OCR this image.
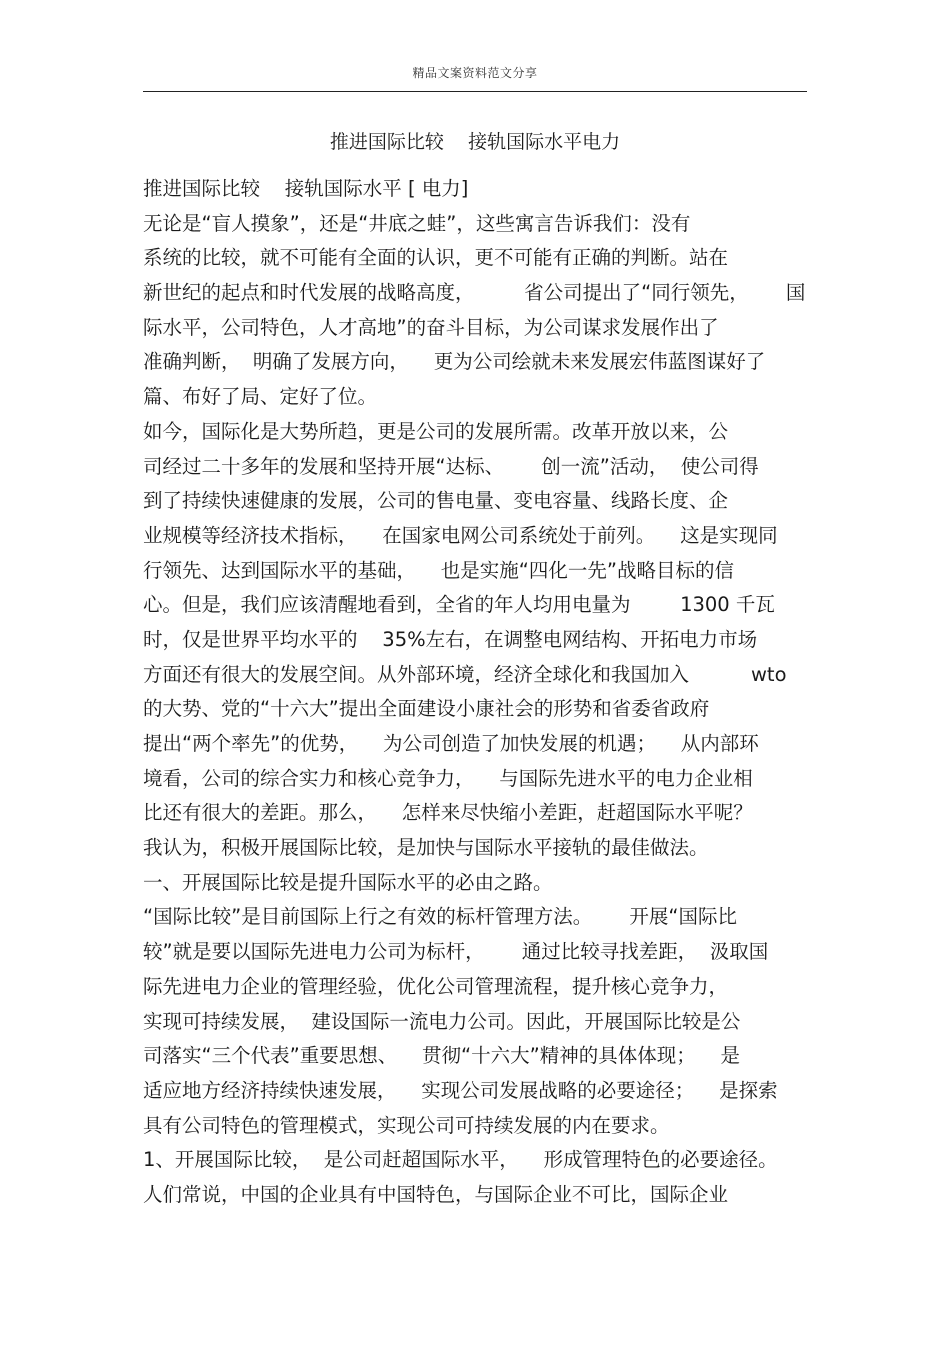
精品文案资料范文分享
推进国际比较    接轨国际水平电力
推进国际比较    接轨国际水平 [ 电力]
无论是“盲人摸象”，还是“井底之蛙”，这些寓言告诉我们：没有
系统的比较，就不可能有全面的认识，更不可能有正确的判断。站在
新世纪的起点和时代发展的战略高度，        省公司提出了“同行领先，      国
际水平，公司特色，人才高地”的奋斗目标，为公司谋求发展作出了
准确判断，  明确了发展方向，    更为公司绘就未来发展宏伟蓝图谋好了
篇、布好了局、定好了位。
如今，国际化是大势所趋，更是公司的发展所需。改革开放以来，公
司经过二十多年的发展和坚持开展“达标、      创一流”活动，  使公司得
到了持续快速健康的发展，公司的售电量、变电容量、线路长度、企
业规模等经济技术指标，    在国家电网公司系统处于前列。    这是实现同
行领先、达到国际水平的基础，    也是实施“四化一先”战略目标的信
心。但是，我们应该清醒地看到，全省的年人均用电量为        1300 千瓦
时，仅是世界平均水平的    35%左右，在调整电网结构、开拓电力市场
方面还有很大的发展空间。从外部环境，经济全球化和我国加入          wto
的大势、党的“十六大”提出全面建设小康社会的形势和省委省政府
提出“两个率先”的优势，    为公司创造了加快发展的机遇；    从内部环
境看，公司的综合实力和核心竞争力，    与国际先进水平的电力企业相
比还有很大的差距。那么，    怎样来尽快缩小差距，赶超国际水平呢？
我认为，积极开展国际比较，是加快与国际水平接轨的最佳做法。
一、开展国际比较是提升国际水平的必由之路。
“国际比较”是目前国际上行之有效的标杆管理方法。      开展“国际比
较”就是要以国际先进电力公司为标杆，      通过比较寻找差距，  汲取国
际先进电力企业的管理经验，优化公司管理流程，提升核心竞争力，
实现可持续发展，  建设国际一流电力公司。因此，开展国际比较是公
司落实“三个代表”重要思想、    贯彻“十六大”精神的具体体现；    是
适应地方经济持续快速发展，    实现公司发展战略的必要途径；    是探索
具有公司特色的管理模式，实现公司可持续发展的内在要求。
1、开展国际比较，  是公司赶超国际水平，    形成管理特色的必要途径。
人们常说，中国的企业具有中国特色，与国际企业不可比，国际企业
